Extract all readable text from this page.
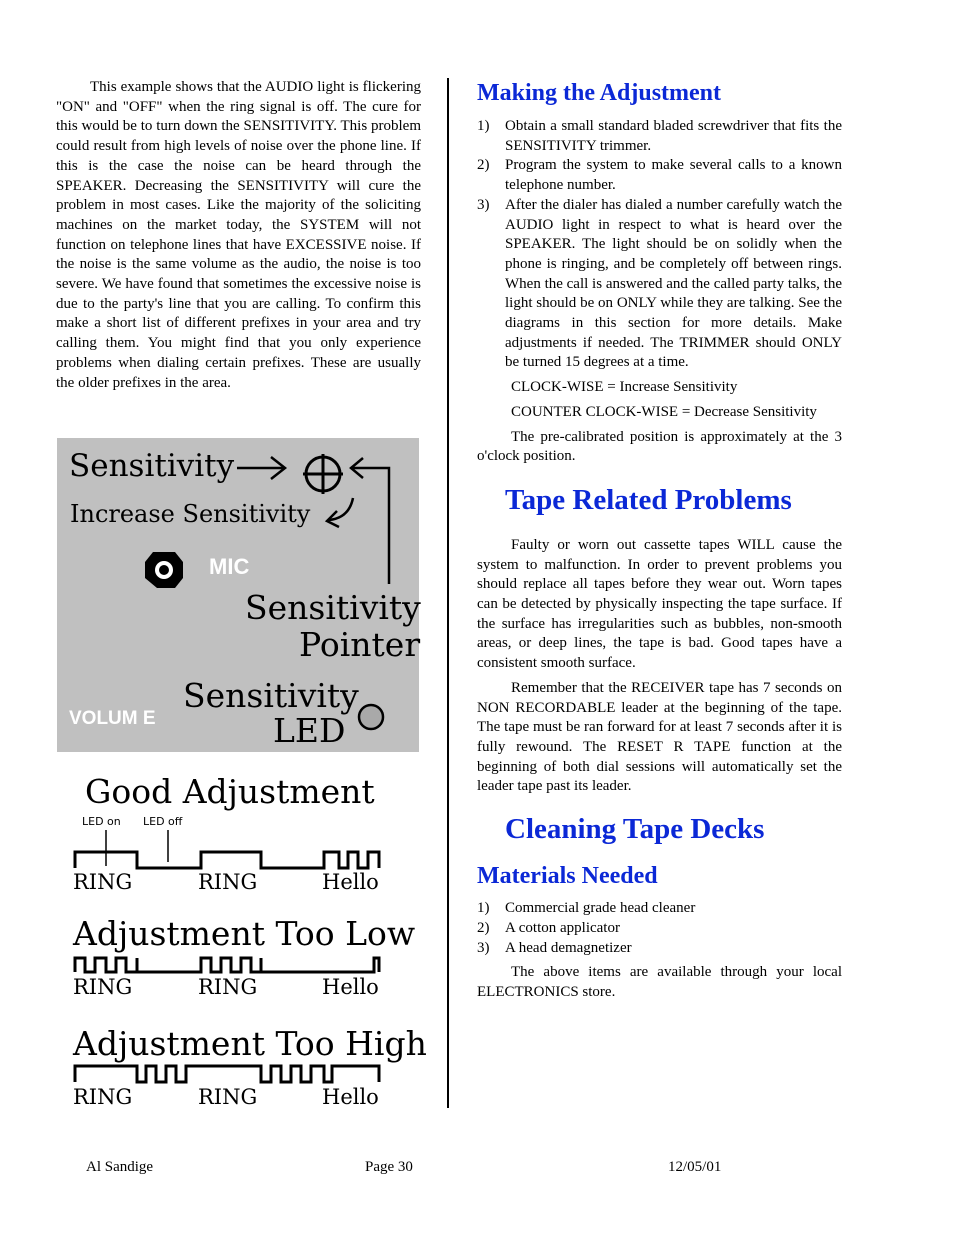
This example shows that the AUDIO light is flickering "ON" and "OFF" when the ring signal is off. The cure for this would be to turn down the SENSITIVITY. This problem could result from high levels of noise over the phone line. If this is the case the noise can be heard through the SPEAKER. Decreasing the SENSITIVITY will cure the problem in most cases. Like the majority of the soliciting machines on the market today, the SYSTEM will not function on telephone lines that have EXCESSIVE noise. If the noise is the same volume as the audio, the noise is too severe. We have found that sometimes the excessive noise is due to the party's line that you are calling. To confirm this make a short list of different prefixes in your area and try calling them. You might find that you only experience problems when dialing certain prefixes. These are usually the older prefixes in the area.

Sensitivity
Increase Sensitivity
MIC
Sensitivity
Pointer
Sensitivity
LED
VOLUM E
Good Adjustment
LED on LED off
RING	RING	Hello
Adjustment Too Low
RING	RING	Hello
Adjustment Too High
RING	RING	Hello
Making the Adjustment
1) Obtain a small standard bladed screwdriver that fits the SENSITIVITY trimmer.
2) Program the system to make several calls to a known telephone number.
3) After the dialer has dialed a number carefully watch the AUDIO light in respect to what is heard over the SPEAKER. The light should be on solidly when the phone is ringing, and be completely off between rings. When the call is answered and the called party talks, the light should be on ONLY while they are talking. See the diagrams in this section for more details. Make adjustments if needed. The TRIMMER should ONLY be turned 15 degrees at a time.

CLOCK-WISE = Increase Sensitivity

COUNTER CLOCK-WISE = Decrease Sensitivity

The pre-calibrated position is approximately at the 3 o'clock position.

Tape Related Problems

Faulty or worn out cassette tapes WILL cause the system to malfunction. In order to prevent problems you should replace all tapes before they wear out. Worn tapes can be detected by physically inspecting the tape surface. If the surface has irregularities such as bubbles, non-smooth areas, or deep lines, the tape is bad. Good tapes have a consistent smooth surface.

Remember that the RECEIVER tape has 7 seconds on NON RECORDABLE leader at the beginning of the tape. The tape must be ran forward for at least 7 seconds after it is fully rewound. The RESET R TAPE function at the beginning of both dial sessions will automatically set the leader tape past its leader.

Cleaning Tape Decks
Materials Needed
1) Commercial grade head cleaner
2) A cotton applicator
3) A head demagnetizer

The above items are available through your local ELECTRONICS store.

Al Sandige	Page 30	12/05/01
